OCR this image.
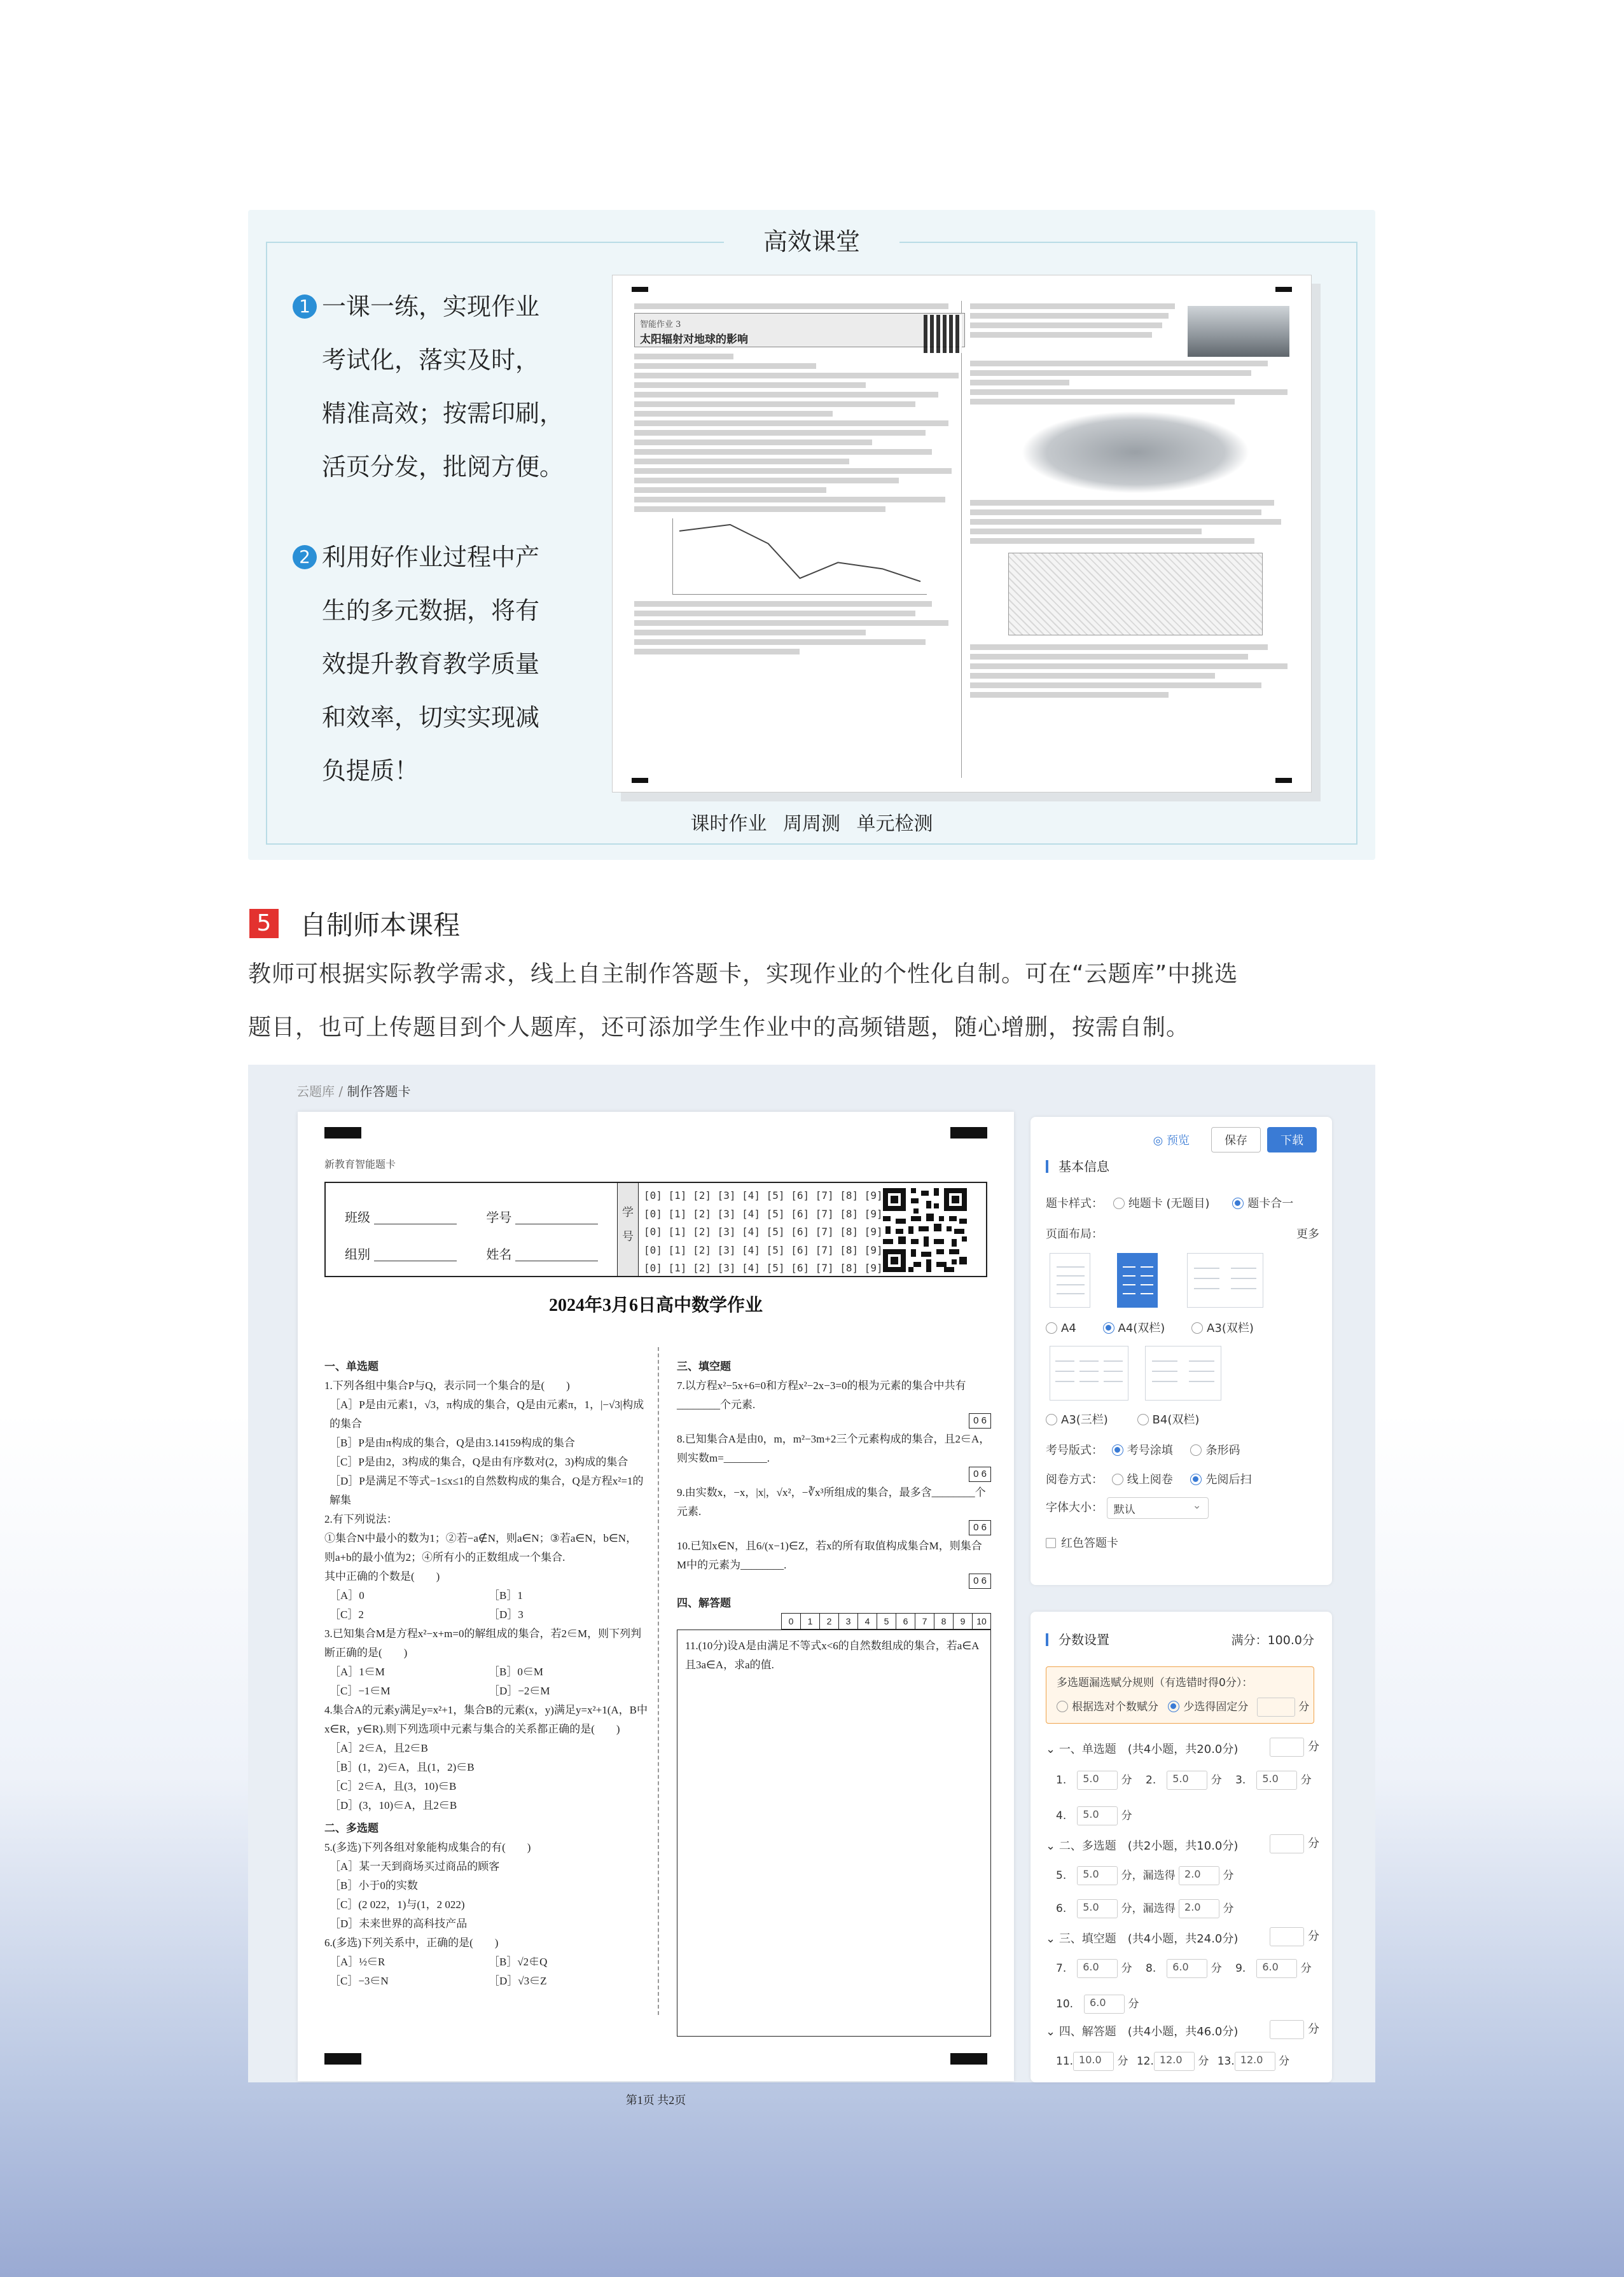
高效课堂
1 一课一练，实现作业
考试化，落实及时，
精准高效；按需印刷，
活页分发，批阅方便。
2 利用好作业过程中产
生的多元数据，将有
效提升教育教学质量
和效率，切实实现减
负提质！
智能作业 3
太阳辐射对地球的影响
课时作业 周周测 单元检测
5 自制师本课程
教师可根据实际教学需求，线上自主制作答题卡，实现作业的个性化自制。可在“云题库”中挑选
题目，也可上传题目到个人题库，还可添加学生作业中的高频错题，随心增删，按需自制。
云题库 / 制作答题卡
新教育智能题卡
班级	学号
组别	姓名
学号
[0] [1] [2] [3] [4] [5] [6] [7] [8] [9]
[0] [1] [2] [3] [4] [5] [6] [7] [8] [9]
[0] [1] [2] [3] [4] [5] [6] [7] [8] [9]
[0] [1] [2] [3] [4] [5] [6] [7] [8] [9]
[0] [1] [2] [3] [4] [5] [6] [7] [8] [9]
2024年3月6日高中数学作业
一、单选题
1.下列各组中集合P与Q，表示同一个集合的是(　　)
［A］P是由元素1，√3，π构成的集合，Q是由元素π，1，|−√3|构成的集合
［B］P是由π构成的集合，Q是由3.14159构成的集合
［C］P是由2，3构成的集合，Q是由有序数对(2，3)构成的集合
［D］P是满足不等式−1≤x≤1的自然数构成的集合，Q是方程x²=1的解集
2.有下列说法：
①集合N中最小的数为1；②若−a∉N，则a∈N；③若a∈N，b∈N，则a+b的最小值为2；④所有小的正数组成一个集合.
其中正确的个数是(　　)
［A］0	［B］1
［C］2	［D］3
3.已知集合M是方程x²−x+m=0的解组成的集合，若2∈M，则下列判断正确的是(　　)
［A］1∈M	［B］0∈M
［C］−1∈M	［D］−2∈M
4.集合A的元素y满足y=x²+1，集合B的元素(x，y)满足y=x²+1(A，B中x∈R，y∈R).则下列选项中元素与集合的关系都正确的是(　　)
［A］2∈A，且2∈B
［B］(1，2)∈A，且(1，2)∈B
［C］2∈A，且(3，10)∈B
［D］(3，10)∈A，且2∈B
二、多选题
5.(多选)下列各组对象能构成集合的有(　　)
［A］某一天到商场买过商品的顾客
［B］小于0的实数
［C］(2 022，1)与(1，2 022)
［D］未来世界的高科技产品
6.(多选)下列关系中，正确的是(　　)
［A］½∈R	［B］√2∉Q
［C］−3∈N	［D］√3∈Z
三、填空题
7.以方程x²−5x+6=0和方程x²−2x−3=0的根为元素的集合中共有________个元素.
0 6
8.已知集合A是由0，m，m²−3m+2三个元素构成的集合，且2∈A，则实数m=________.
0 6
9.由实数x，−x，|x|，√x²，−∛x³所组成的集合，最多含________个元素.
0 6
10.已知x∈N，且6/(x−1)∈Z，若x的所有取值构成集合M，则集合M中的元素为________.
0 6
四、解答题
0	1	2	3	4	5	6	7	8	9	10
11.(10分)设A是由满足不等式x<6的自然数组成的集合，若a∈A且3a∈A，求a的值.
第1页 共2页
◎ 预览	保存	下载
基本信息
题卡样式： 纯题卡 (无题目)	题卡合一
页面布局：	更多
A4	A4(双栏)	A3(双栏)
A3(三栏)	B4(双栏)
考号版式： 考号涂填	条形码
阅卷方式： 线上阅卷	先阅后扫
字体大小： 默认 ⌄
红色答题卡
分数设置	满分：100.0分
多选题漏选赋分规则（有选错时得0分）：
根据选对个数赋分 少选得固定分	分
⌄ 一、单选题　(共4小题，共20.0分)	分
1.　5.0 分 2.　5.0 分 3.　5.0 分
4.　5.0 分
⌄ 二、多选题　(共2小题，共10.0分)	分
5.　5.0 分，漏选得 2.0 分
6.　5.0 分，漏选得 2.0 分
⌄ 三、填空题　(共4小题，共24.0分)	分
7.　6.0 分 8.　6.0 分 9.　6.0 分
10.　6.0 分
⌄ 四、解答题　(共4小题，共46.0分)	分
11. 10.0 分 12. 12.0 分 13. 12.0 分
